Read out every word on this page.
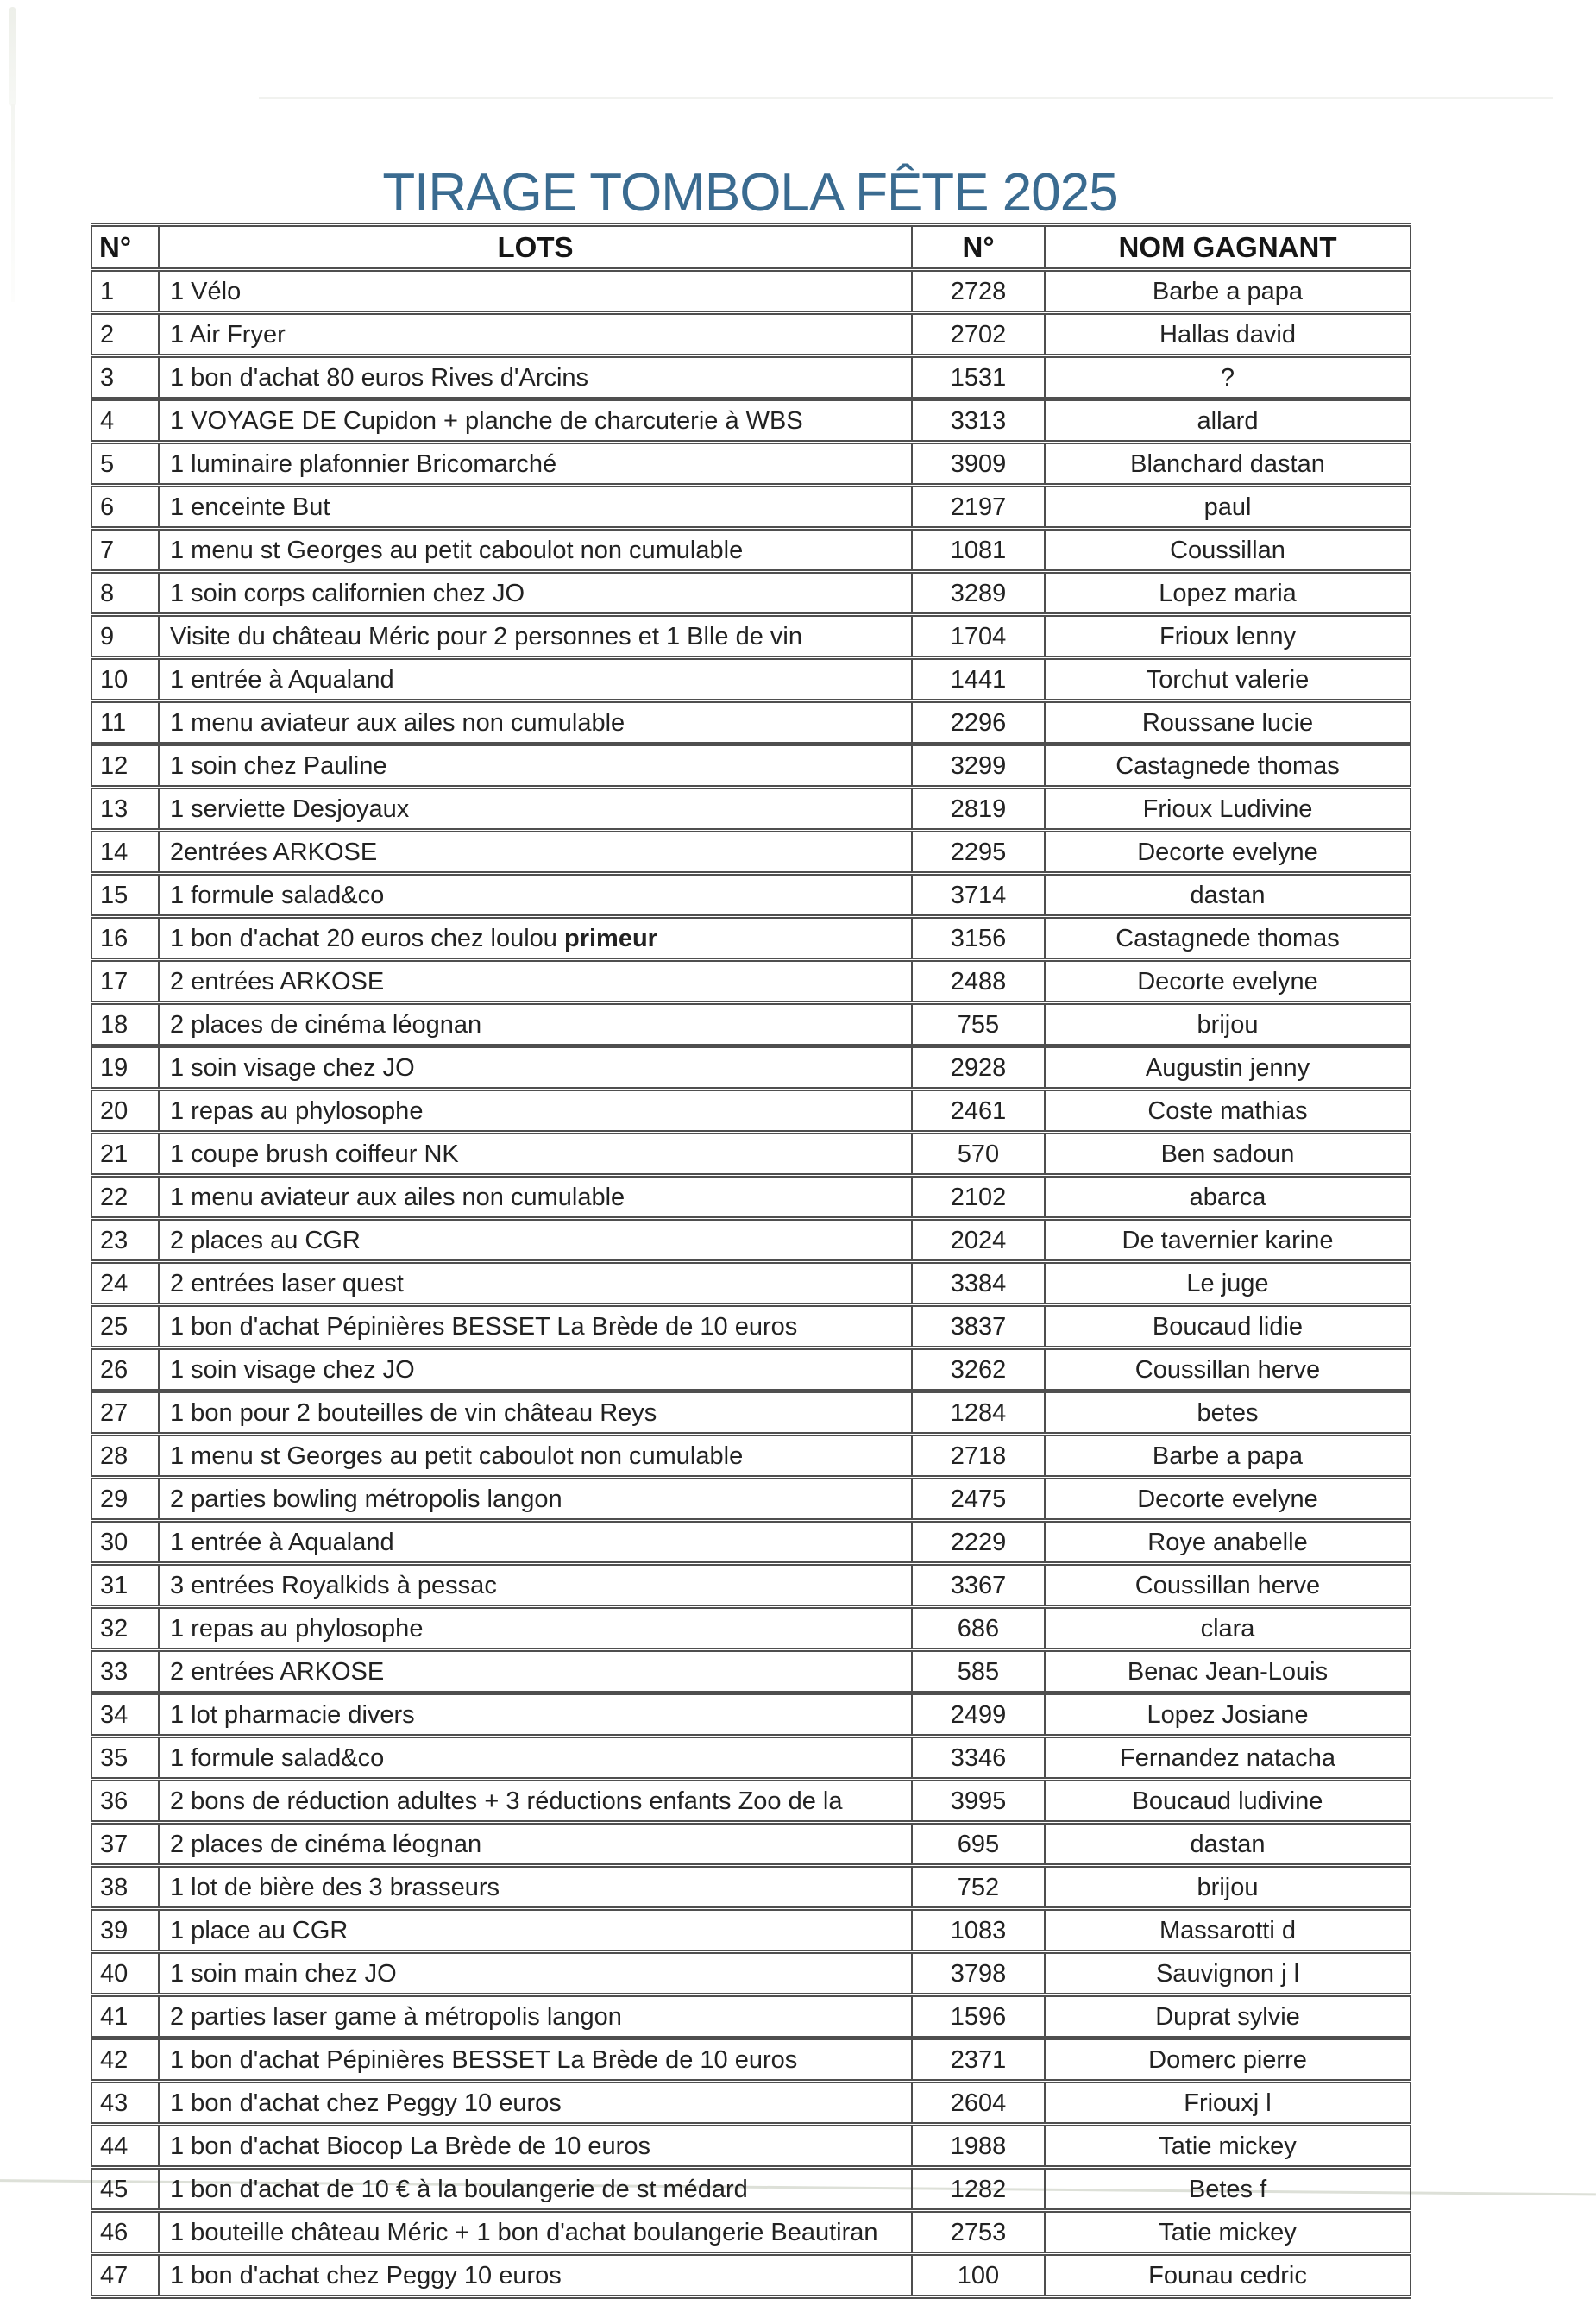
TIRAGE TOMBOLA FÊTE 2025
N°	LOTS	N°	NOM GAGNANT
1	1 Vélo	2728	Barbe a papa
2	1 Air Fryer	2702	Hallas david
3	1 bon d'achat 80 euros Rives d'Arcins	1531	?
4	1 VOYAGE DE Cupidon + planche de charcuterie à WBS	3313	allard
5	1 luminaire plafonnier Bricomarché	3909	Blanchard dastan
6	1 enceinte But	2197	paul
7	1 menu st Georges au petit caboulot non cumulable	1081	Coussillan
8	1 soin corps californien chez JO	3289	Lopez maria
9	Visite du château Méric pour 2 personnes et 1 Blle de vin	1704	Frioux lenny
10	1 entrée à Aqualand	1441	Torchut valerie
11	1 menu aviateur aux ailes non cumulable	2296	Roussane lucie
12	1 soin chez Pauline	3299	Castagnede thomas
13	1 serviette Desjoyaux	2819	Frioux Ludivine
14	2entrées ARKOSE	2295	Decorte evelyne
15	1 formule salad&co	3714	dastan
16	1 bon d'achat 20 euros chez loulou primeur	3156	Castagnede thomas
17	2 entrées ARKOSE	2488	Decorte evelyne
18	2 places de cinéma léognan	755	brijou
19	1 soin visage chez JO	2928	Augustin jenny
20	1 repas au phylosophe	2461	Coste mathias
21	1 coupe brush coiffeur NK	570	Ben sadoun
22	1 menu aviateur aux ailes non cumulable	2102	abarca
23	2 places au CGR	2024	De tavernier karine
24	2 entrées laser quest	3384	Le juge
25	1 bon d'achat Pépinières BESSET La Brède de 10 euros	3837	Boucaud lidie
26	1 soin visage chez JO	3262	Coussillan herve
27	1 bon pour 2 bouteilles de vin château Reys	1284	betes
28	1 menu st Georges au petit caboulot non cumulable	2718	Barbe a papa
29	2 parties bowling métropolis langon	2475	Decorte evelyne
30	1 entrée à Aqualand	2229	Roye anabelle
31	3 entrées Royalkids à pessac	3367	Coussillan herve
32	1 repas au phylosophe	686	clara
33	2 entrées ARKOSE	585	Benac Jean-Louis
34	1 lot pharmacie divers	2499	Lopez Josiane
35	1 formule salad&co	3346	Fernandez natacha
36	2 bons de réduction adultes + 3 réductions enfants Zoo de la	3995	Boucaud ludivine
37	2 places de cinéma léognan	695	dastan
38	1 lot de bière des 3 brasseurs	752	brijou
39	1 place au CGR	1083	Massarotti d
40	1 soin main chez JO	3798	Sauvignon j l
41	2 parties laser game à métropolis langon	1596	Duprat sylvie
42	1 bon d'achat Pépinières BESSET La Brède de 10 euros	2371	Domerc pierre
43	1 bon d'achat chez Peggy 10 euros	2604	Friouxj l
44	1 bon d'achat Biocop La Brède de 10 euros	1988	Tatie mickey
45	1 bon d'achat de 10 € à la boulangerie de st médard	1282	Betes f
46	1 bouteille château Méric + 1 bon d'achat boulangerie Beautiran	2753	Tatie mickey
47	1 bon d'achat chez Peggy 10 euros	100	Founau cedric
